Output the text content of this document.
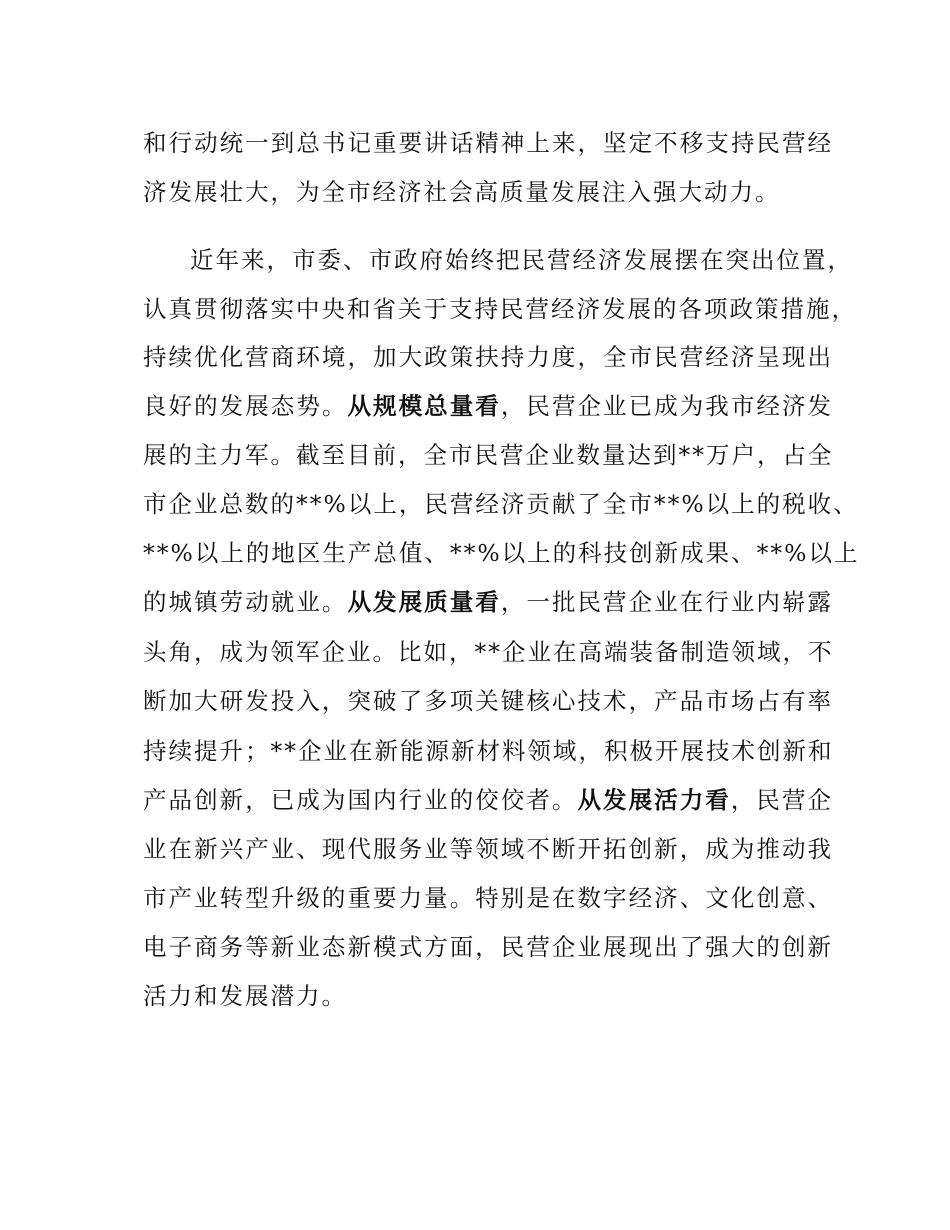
和行动统一到总书记重要讲话精神上来，坚定不移支持民营经
济发展壮大，为全市经济社会高质量发展注入强大动力。
近年来，市委、市政府始终把民营经济发展摆在突出位置，
认真贯彻落实中央和省关于支持民营经济发展的各项政策措施，
持续优化营商环境，加大政策扶持力度，全市民营经济呈现出
良好的发展态势。从规模总量看，民营企业已成为我市经济发
展的主力军。截至目前，全市民营企业数量达到**万户，占全
市企业总数的**%以上，民营经济贡献了全市**%以上的税收、
**%以上的地区生产总值、**%以上的科技创新成果、**%以上
的城镇劳动就业。从发展质量看，一批民营企业在行业内崭露
头角，成为领军企业。比如，**企业在高端装备制造领域，不
断加大研发投入，突破了多项关键核心技术，产品市场占有率
持续提升；**企业在新能源新材料领域，积极开展技术创新和
产品创新，已成为国内行业的佼佼者。从发展活力看，民营企
业在新兴产业、现代服务业等领域不断开拓创新，成为推动我
市产业转型升级的重要力量。特别是在数字经济、文化创意、
电子商务等新业态新模式方面，民营企业展现出了强大的创新
活力和发展潜力。
